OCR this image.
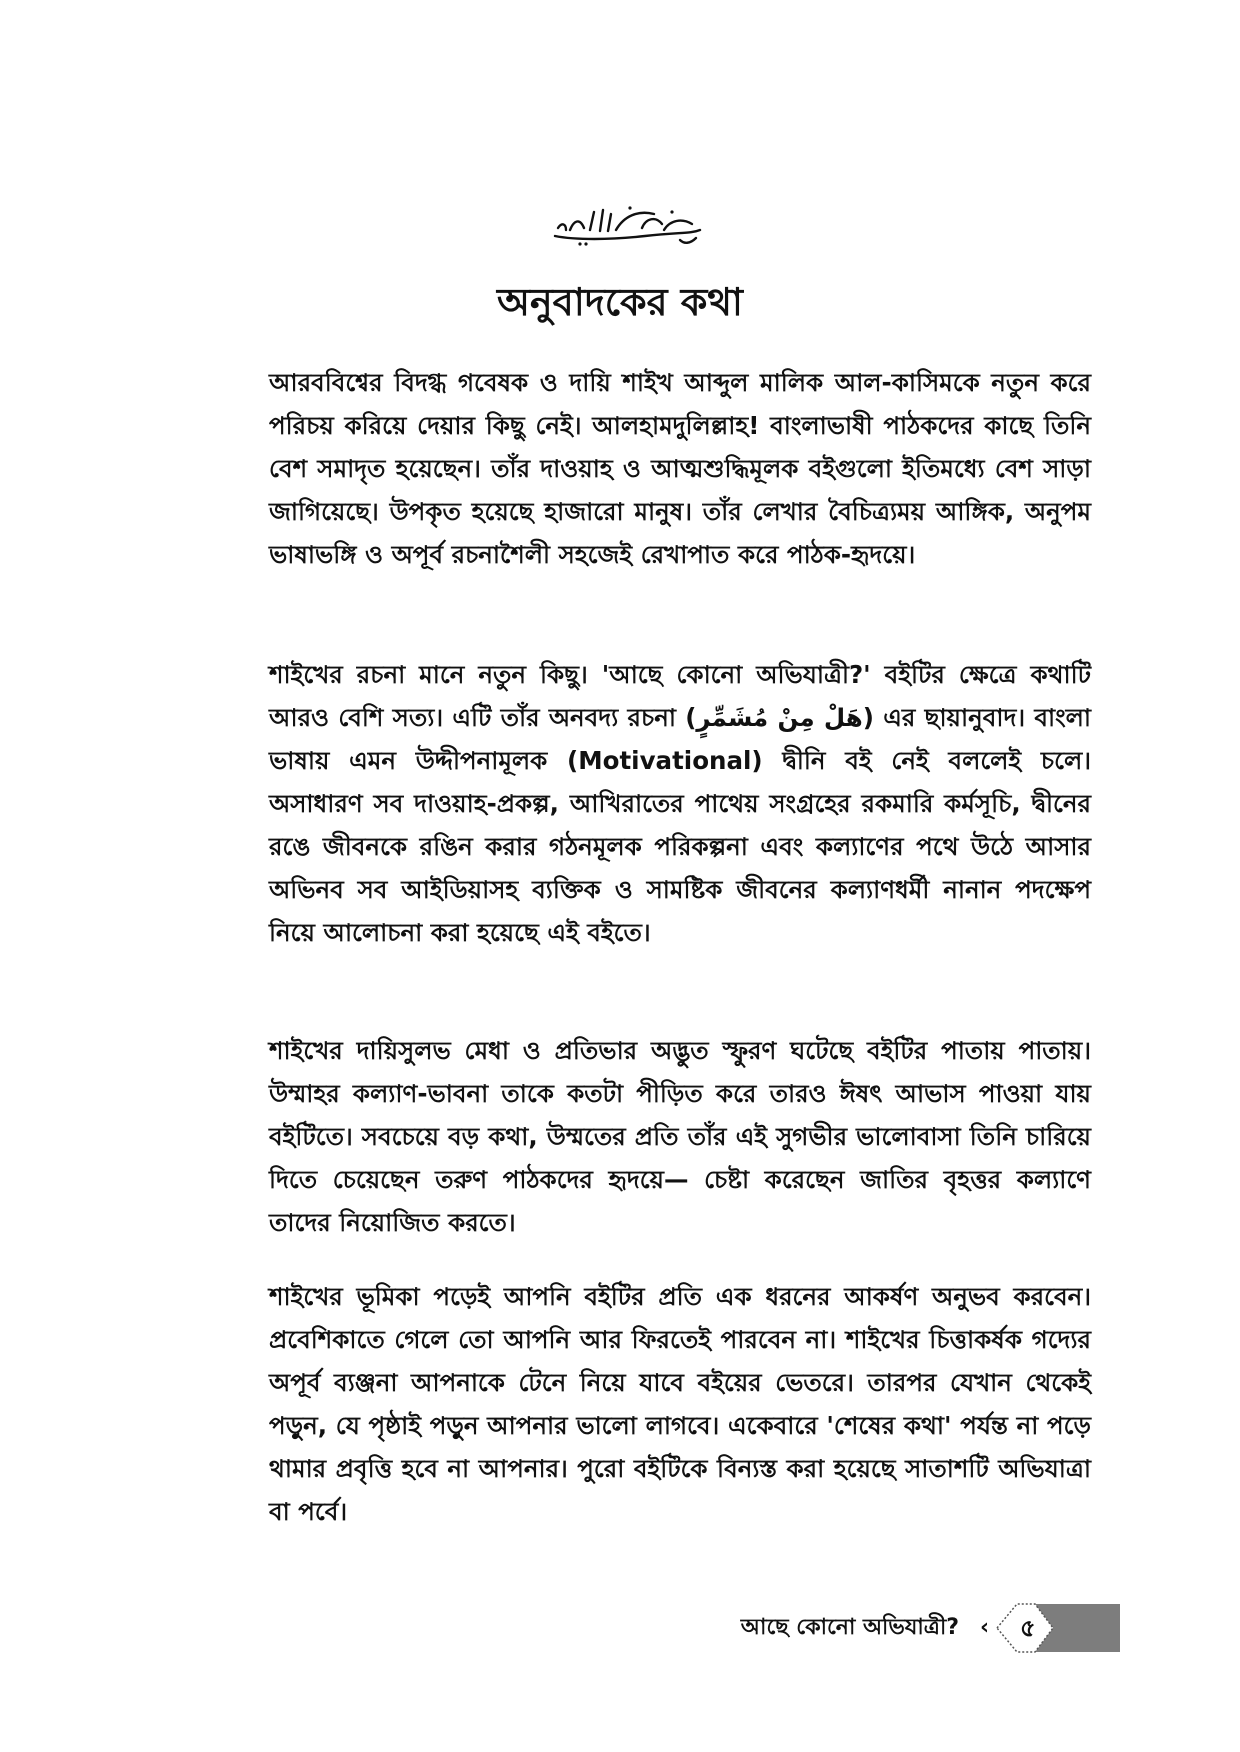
অনুবাদকের কথা

আরববিশ্বের বিদগ্ধ গবেষক ও দায়ি শাইখ আব্দুল মালিক আল-কাসিমকে নতুন করে পরিচয় করিয়ে দেয়ার কিছু নেই। আলহামদুলিল্লাহ! বাংলাভাষী পাঠকদের কাছে তিনি বেশ সমাদৃত হয়েছেন। তাঁর দাওয়াহ ও আত্মশুদ্ধিমূলক বইগুলো ইতিমধ্যে বেশ সাড়া জাগিয়েছে। উপকৃত হয়েছে হাজারো মানুষ। তাঁর লেখার বৈচিত্র্যময় আঙ্গিক, অনুপম ভাষাভঙ্গি ও অপূর্ব রচনাশৈলী সহজেই রেখাপাত করে পাঠক-হৃদয়ে।

শাইখের রচনা মানে নতুন কিছু। 'আছে কোনো অভিযাত্রী?' বইটির ক্ষেত্রে কথাটি আরও বেশি সত্য। এটি তাঁর অনবদ্য রচনা (هَلْ مِنْ مُشَمِّرٍ) এর ছায়ানুবাদ। বাংলা ভাষায় এমন উদ্দীপনামূলক (Motivational) দ্বীনি বই নেই বললেই চলে। অসাধারণ সব দাওয়াহ-প্রকল্প, আখিরাতের পাথেয় সংগ্রহের রকমারি কর্মসূচি, দ্বীনের রঙে জীবনকে রঙিন করার গঠনমূলক পরিকল্পনা এবং কল্যাণের পথে উঠে আসার অভিনব সব আইডিয়াসহ ব্যক্তিক ও সামষ্টিক জীবনের কল্যাণধর্মী নানান পদক্ষেপ নিয়ে আলোচনা করা হয়েছে এই বইতে।

শাইখের দায়িসুলভ মেধা ও প্রতিভার অদ্ভুত স্ফুরণ ঘটেছে বইটির পাতায় পাতায়। উম্মাহর কল্যাণ-ভাবনা তাকে কতটা পীড়িত করে তারও ঈষৎ আভাস পাওয়া যায় বইটিতে। সবচেয়ে বড় কথা, উম্মতের প্রতি তাঁর এই সুগভীর ভালোবাসা তিনি চারিয়ে দিতে চেয়েছেন তরুণ পাঠকদের হৃদয়ে— চেষ্টা করেছেন জাতির বৃহত্তর কল্যাণে তাদের নিয়োজিত করতে।

শাইখের ভূমিকা পড়েই আপনি বইটির প্রতি এক ধরনের আকর্ষণ অনুভব করবেন। প্রবেশিকাতে গেলে তো আপনি আর ফিরতেই পারবেন না। শাইখের চিত্তাকর্ষক গদ্যের অপূর্ব ব্যঞ্জনা আপনাকে টেনে নিয়ে যাবে বইয়ের ভেতরে। তারপর যেখান থেকেই পড়ুন, যে পৃষ্ঠাই পড়ুন আপনার ভালো লাগবে। একেবারে 'শেষের কথা' পর্যন্ত না পড়ে থামার প্রবৃত্তি হবে না আপনার। পুরো বইটিকে বিন্যস্ত করা হয়েছে সাতাশটি অভিযাত্রা বা পর্বে।

আছে কোনো অভিযাত্রী? ‹ ৫
